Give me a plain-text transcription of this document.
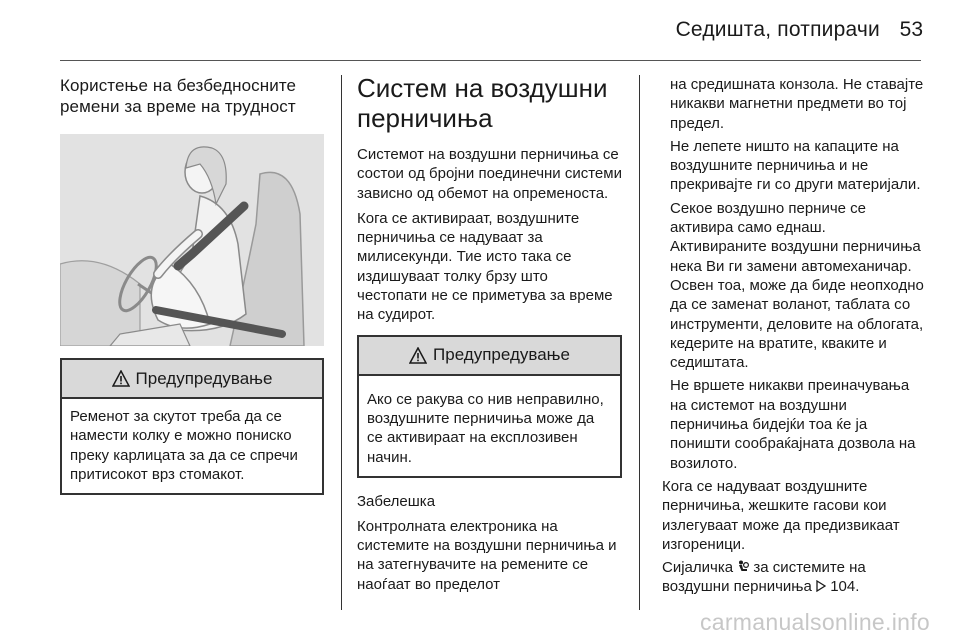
Седишта, потпирачи 53
Користење на безбедносните ремени за време на трудност
Предупредување
Ременот за скутот треба да се намести колку е можно пониско преку карлицата за да се спречи притисокот врз стомакот.
Систем на воздушни перничиња
Системот на воздушни перничиња се состои од бројни поединечни системи зависно од обемот на опременоста.
Кога се активираат, воздушните перничиња се надуваат за милисекунди. Тие исто така се издишуваат толку брзу што честопати не се приметува за време на судирот.
Предупредување
Ако се ракува со нив неправилно, воздушните перничиња може да се активираат на експлозивен начин.
Забелешка
Контролната електроника на системите на воздушни перничиња и на затегнувачите на ремените се наоѓаат во пределот
на средишната конзола. Не ставајте никакви магнетни предмети во тој предел.
Не лепете ништо на капаците на воздушните перничиња и не прекривајте ги со други материјали.
Секое воздушно перниче се активира само еднаш. Активираните воздушни перничиња нека Ви ги замени автомеханичар. Освен тоа, може да биде неопходно да се заменат воланот, таблата со инструменти, деловите на облогата, кедерите на вратите, кваките и седиштата.
Не вршете никакви преиначувања на системот на воздушни перничиња бидејќи тоа ќе ја поништи сообраќајната дозвола на возилото.
Кога се надуваат воздушните перничиња, жешките гасови кои излегуваат може да предизвикаат изгореници.
Сијаличка за системите на воздушни перничиња 104.
carmanualsonline.info
